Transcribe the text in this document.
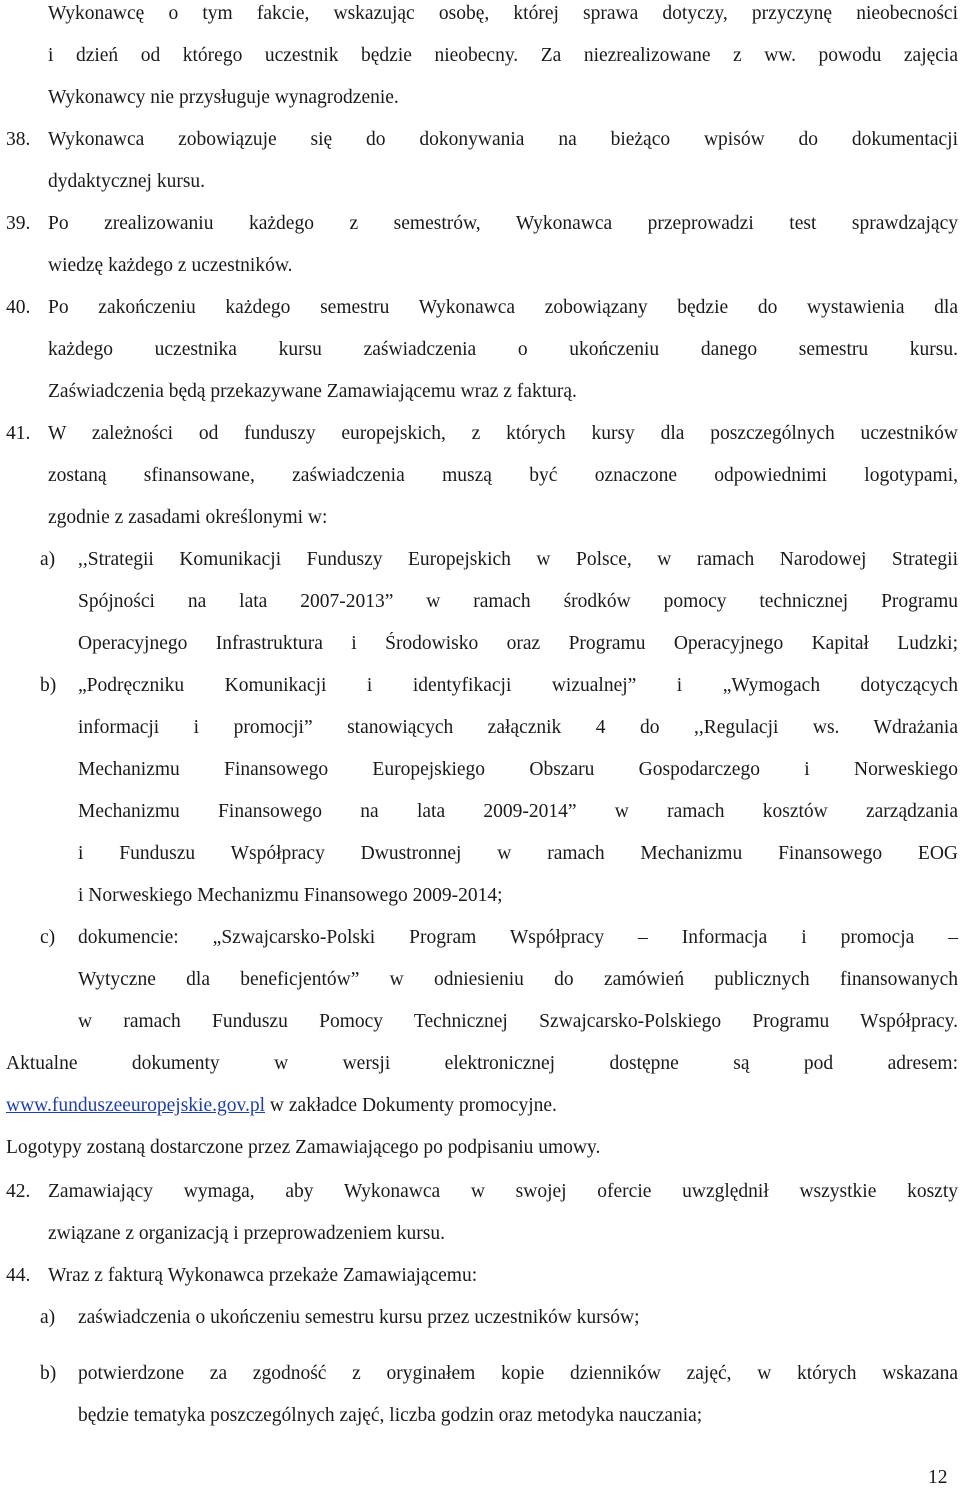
Wykonawcę o tym fakcie, wskazując osobę, której sprawa dotyczy, przyczynę nieobecności
i dzień od którego uczestnik będzie nieobecny. Za niezrealizowane z ww. powodu zajęcia
Wykonawcy nie przysługuje wynagrodzenie.
38. Wykonawca zobowiązuje się do dokonywania na bieżąco wpisów do dokumentacji
dydaktycznej kursu.
39. Po zrealizowaniu każdego z semestrów, Wykonawca przeprowadzi test sprawdzający
wiedzę każdego z uczestników.
40. Po zakończeniu każdego semestru Wykonawca zobowiązany będzie do wystawienia dla
każdego uczestnika kursu zaświadczenia o ukończeniu danego semestru kursu.
Zaświadczenia będą przekazywane Zamawiającemu wraz z fakturą.
41. W zależności od funduszy europejskich, z których kursy dla poszczególnych uczestników
zostaną sfinansowane, zaświadczenia muszą być oznaczone odpowiednimi logotypami,
zgodnie z zasadami określonymi w:
a) ,,Strategii Komunikacji Funduszy Europejskich w Polsce, w ramach Narodowej Strategii
Spójności na lata 2007-2013” w ramach środków pomocy technicznej Programu
Operacyjnego Infrastruktura i Środowisko oraz Programu Operacyjnego Kapitał Ludzki;
b) „Podręczniku Komunikacji i identyfikacji wizualnej” i „Wymogach dotyczących
informacji i promocji” stanowiących załącznik 4 do ,,Regulacji ws. Wdrażania
Mechanizmu Finansowego Europejskiego Obszaru Gospodarczego i Norweskiego
Mechanizmu Finansowego na lata 2009-2014” w ramach kosztów zarządzania
i Funduszu Współpracy Dwustronnej w ramach Mechanizmu Finansowego EOG
i Norweskiego Mechanizmu Finansowego 2009-2014;
c) dokumencie: „Szwajcarsko-Polski Program Współpracy – Informacja i promocja –
Wytyczne dla beneficjentów” w odniesieniu do zamówień publicznych finansowanych
w ramach Funduszu Pomocy Technicznej Szwajcarsko-Polskiego Programu Współpracy.
Aktualne dokumenty w wersji elektronicznej dostępne są pod adresem:
www.funduszeeuropejskie.gov.pl w zakładce Dokumenty promocyjne.
Logotypy zostaną dostarczone przez Zamawiającego po podpisaniu umowy.
42. Zamawiający wymaga, aby Wykonawca w swojej ofercie uwzględnił wszystkie koszty
związane z organizacją i przeprowadzeniem kursu.
44. Wraz z fakturą Wykonawca przekaże Zamawiającemu:
a) zaświadczenia o ukończeniu semestru kursu przez uczestników kursów;
b) potwierdzone za zgodność z oryginałem kopie dzienników zajęć, w których wskazana
będzie tematyka poszczególnych zajęć, liczba godzin oraz metodyka nauczania;
12
